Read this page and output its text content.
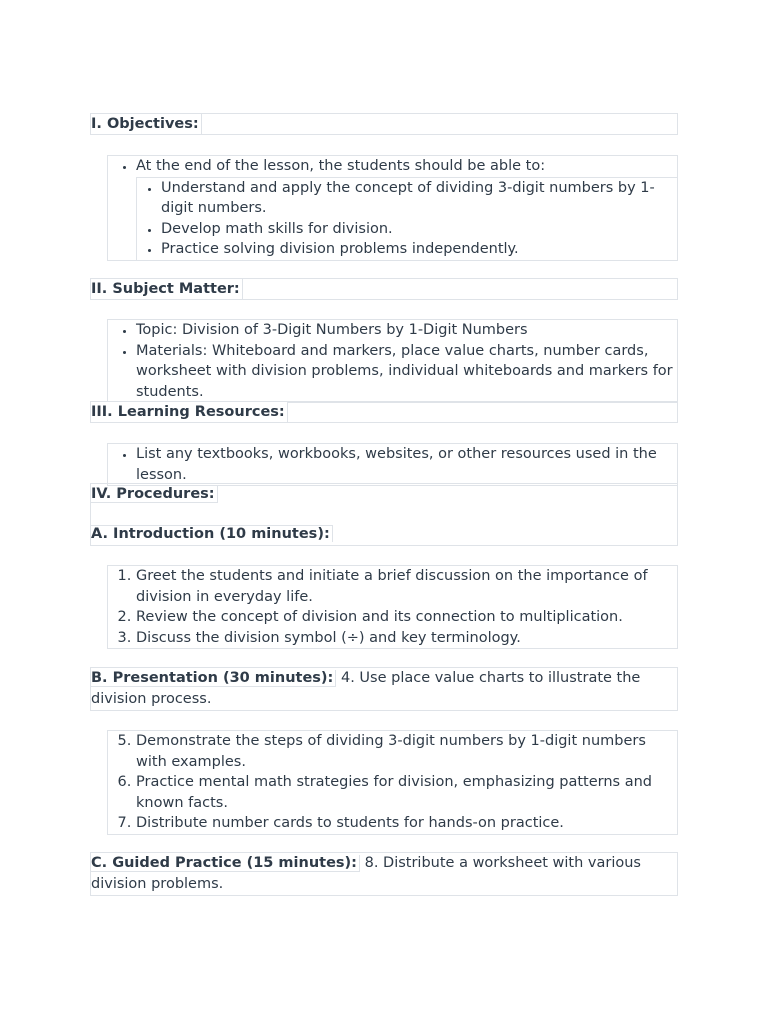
I. Objectives:
• At the end of the lesson, the students should be able to:
• Understand and apply the concept of dividing 3-digit numbers by 1-digit numbers.
• Develop math skills for division.
• Practice solving division problems independently.
II. Subject Matter:
• Topic: Division of 3-Digit Numbers by 1-Digit Numbers
• Materials: Whiteboard and markers, place value charts, number cards, worksheet with division problems, individual whiteboards and markers for students.
III. Learning Resources:
• List any textbooks, workbooks, websites, or other resources used in the lesson.
IV. Procedures:
A. Introduction (10 minutes):
1. Greet the students and initiate a brief discussion on the importance of division in everyday life.
2. Review the concept of division and its connection to multiplication.
3. Discuss the division symbol (÷) and key terminology.
B. Presentation (30 minutes): 4. Use place value charts to illustrate the division process.
5. Demonstrate the steps of dividing 3-digit numbers by 1-digit numbers with examples.
6. Practice mental math strategies for division, emphasizing patterns and known facts.
7. Distribute number cards to students for hands-on practice.
C. Guided Practice (15 minutes): 8. Distribute a worksheet with various division problems.
